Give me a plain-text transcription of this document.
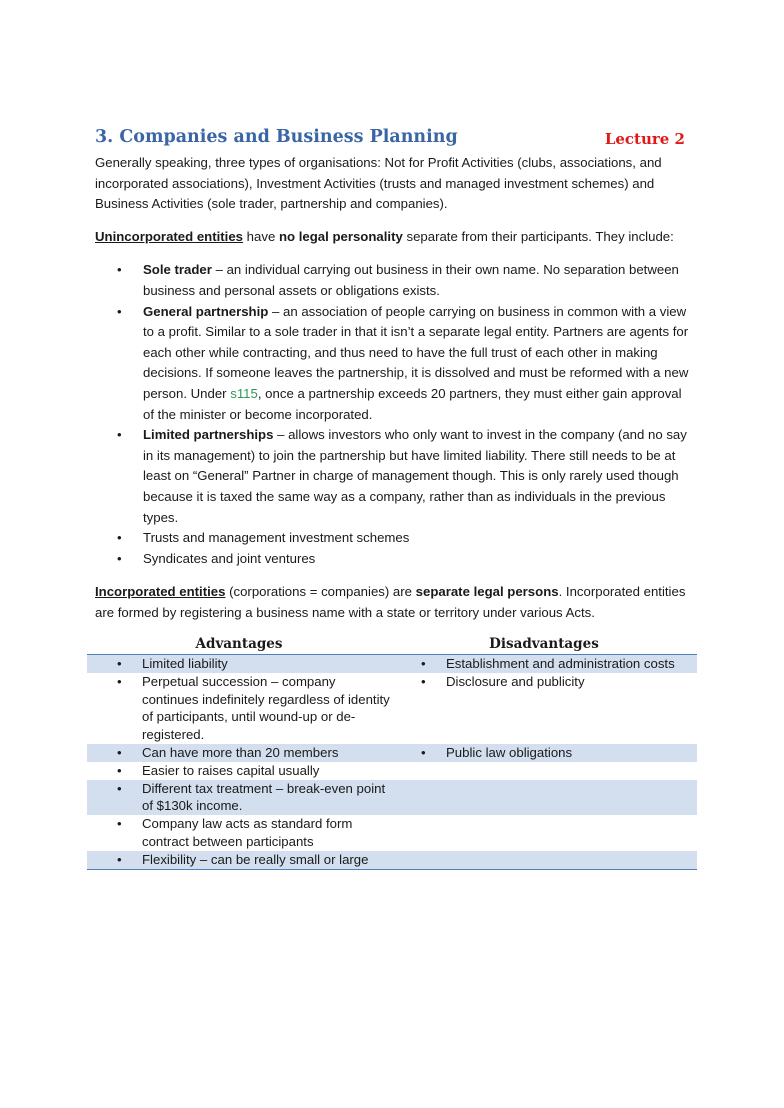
3. Companies and Business Planning	Lecture 2

Generally speaking, three types of organisations: Not for Profit Activities (clubs, associations, and incorporated associations), Investment Activities (trusts and managed investment schemes) and Business Activities (sole trader, partnership and companies).

Unincorporated entities have no legal personality separate from their participants. They include:

• Sole trader – an individual carrying out business in their own name. No separation between business and personal assets or obligations exists.
• General partnership – an association of people carrying on business in common with a view to a profit. Similar to a sole trader in that it isn’t a separate legal entity. Partners are agents for each other while contracting, and thus need to have the full trust of each other in making decisions. If someone leaves the partnership, it is dissolved and must be reformed with a new person. Under s115, once a partnership exceeds 20 partners, they must either gain approval of the minister or become incorporated.
• Limited partnerships – allows investors who only want to invest in the company (and no say in its management) to join the partnership but have limited liability. There still needs to be at least on “General” Partner in charge of management though. This is only rarely used though because it is taxed the same way as a company, rather than as individuals in the previous types.
• Trusts and management investment schemes
• Syndicates and joint ventures

Incorporated entities (corporations = companies) are separate legal persons. Incorporated entities are formed by registering a business name with a state or territory under various Acts.

Advantages	Disadvantages

• Limited liability	• Establishment and administration costs

• Perpetual succession – company continues indefinitely regardless of identity of participants, until wound-up or de-registered.	• Disclosure and publicity

• Can have more than 20 members	• Public law obligations

• Easier to raises capital usually	

• Different tax treatment – break-even point of $130k income.	

• Company law acts as standard form contract between participants	

• Flexibility – can be really small or large	
